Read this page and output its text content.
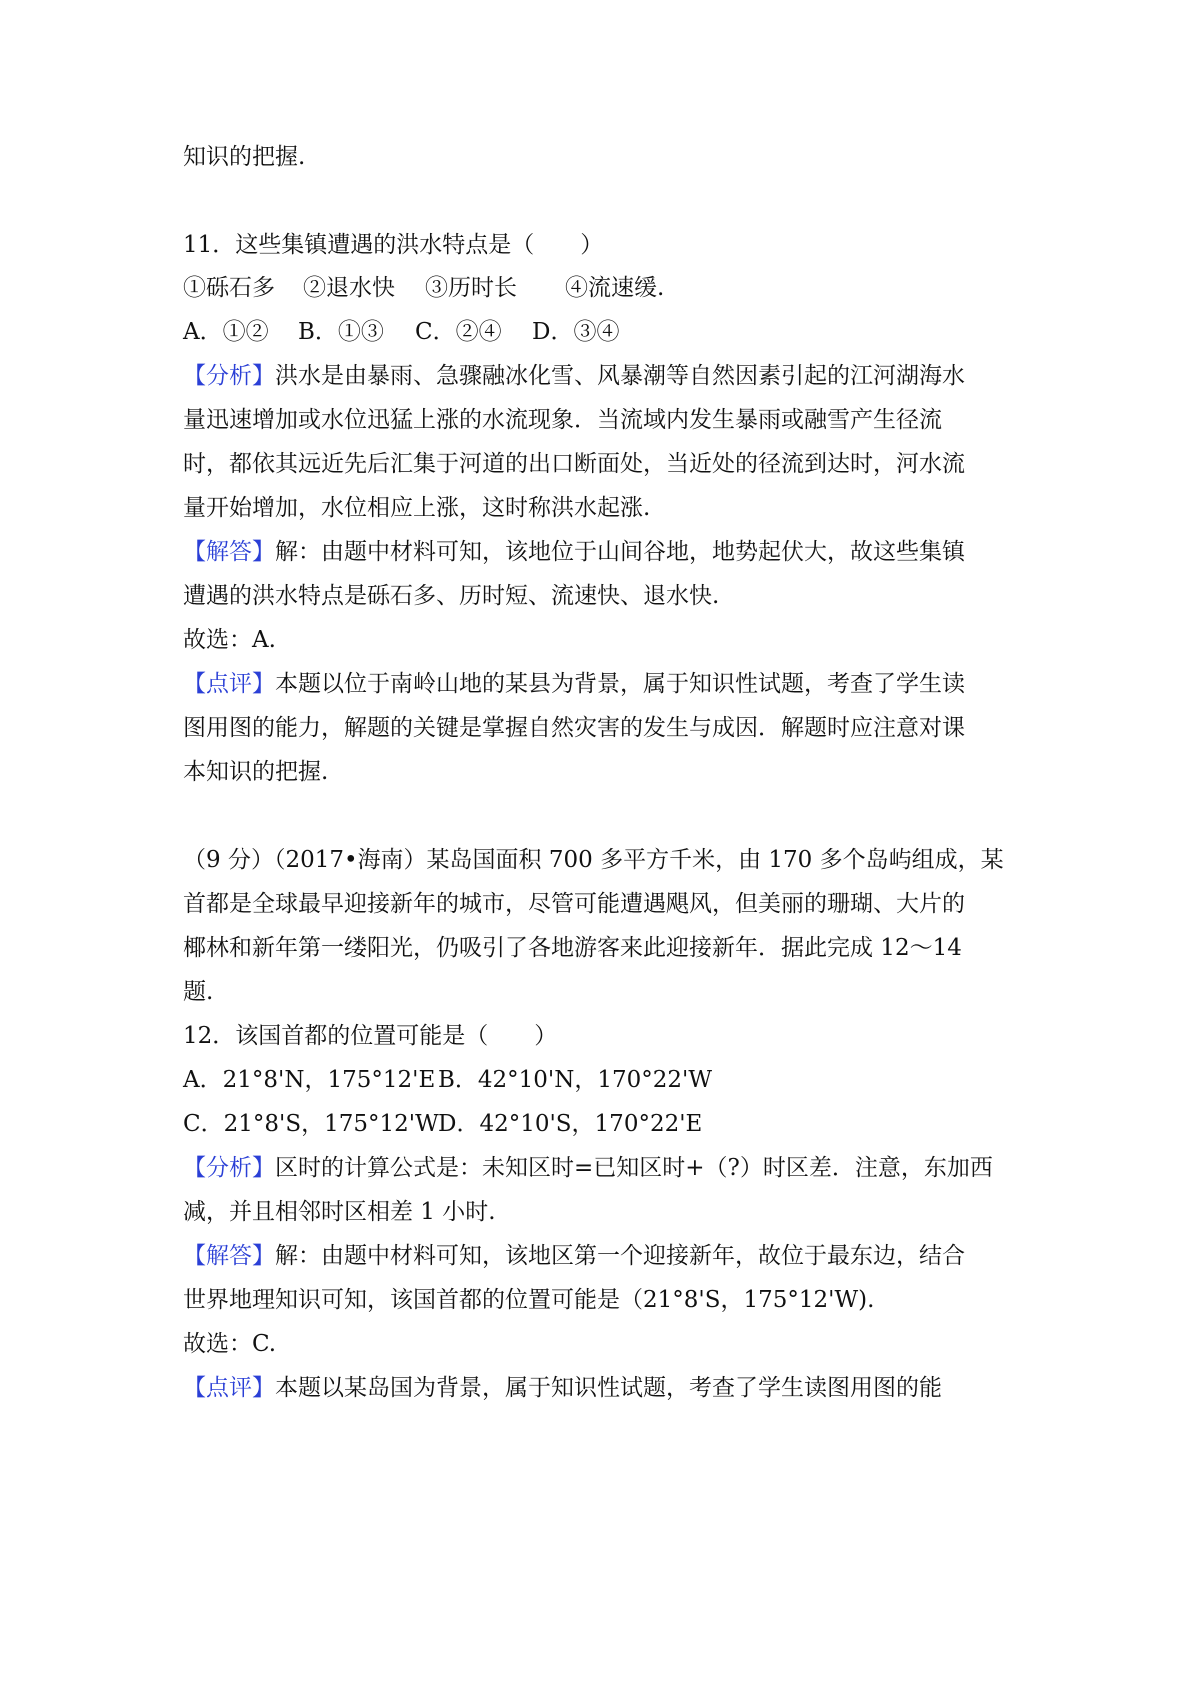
知识的把握.
11．这些集镇遭遇的洪水特点是（　　）
①砾石多 ②退水快 ③历时长 ④流速缓.
A．①② B．①③ C．②④ D．③④
【分析】洪水是由暴雨、急骤融冰化雪、风暴潮等自然因素引起的江河湖海水
量迅速增加或水位迅猛上涨的水流现象．当流域内发生暴雨或融雪产生径流
时，都依其远近先后汇集于河道的出口断面处，当近处的径流到达时，河水流
量开始增加，水位相应上涨，这时称洪水起涨.
【解答】解：由题中材料可知，该地位于山间谷地，地势起伏大，故这些集镇
遭遇的洪水特点是砾石多、历时短、流速快、退水快.
故选：A.
【点评】本题以位于南岭山地的某县为背景，属于知识性试题，考查了学生读
图用图的能力，解题的关键是掌握自然灾害的发生与成因．解题时应注意对课
本知识的把握.
（9 分）（2017•海南）某岛国面积 700 多平方千米，由 170 多个岛屿组成，某
首都是全球最早迎接新年的城市，尽管可能遭遇飓风，但美丽的珊瑚、大片的
椰林和新年第一缕阳光，仍吸引了各地游客来此迎接新年．据此完成 12～14
题.
12．该国首都的位置可能是（　　）
A．21°8'N，175°12'E B．42°10'N，170°22'W
C．21°8'S，175°12'WD．42°10'S，170°22'E
【分析】区时的计算公式是：未知区时=已知区时+（?）时区差．注意，东加西
减，并且相邻时区相差 1 小时.
【解答】解：由题中材料可知，该地区第一个迎接新年，故位于最东边，结合
世界地理知识可知，该国首都的位置可能是（21°8'S，175°12'W).
故选：C.
【点评】本题以某岛国为背景，属于知识性试题，考查了学生读图用图的能
